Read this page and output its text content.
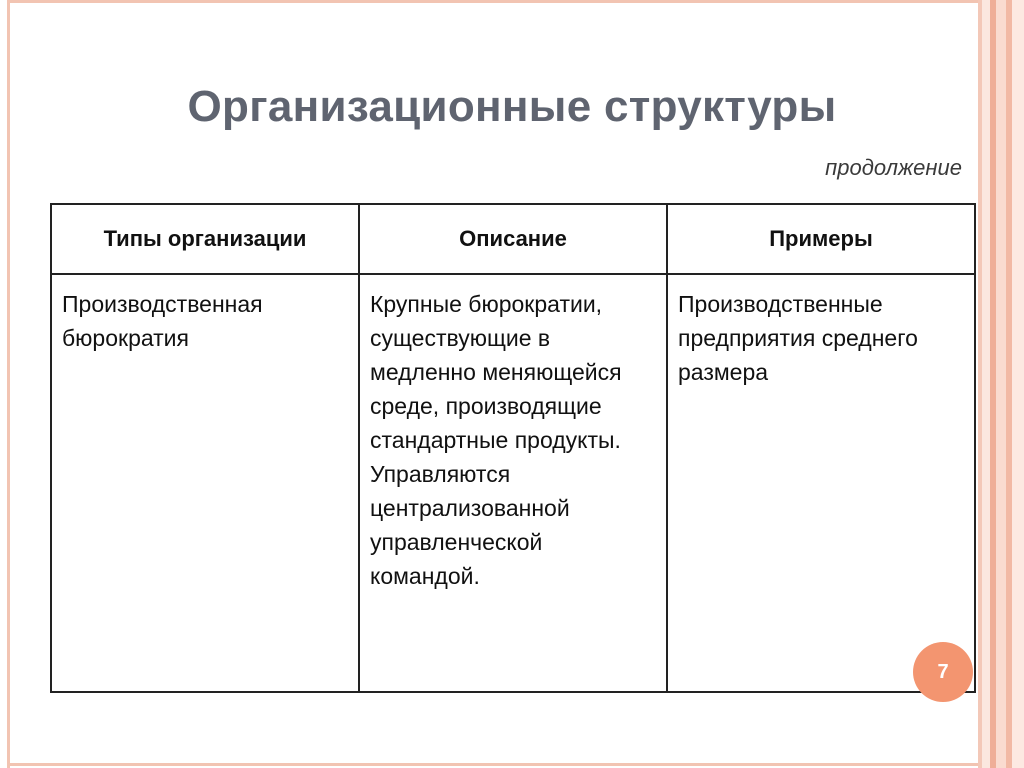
Организационные структуры
продолжение
Типы организации	Описание	Примеры
Производственная бюрократия	Крупные бюрократии, существующие в медленно меняющейся среде, производящие стандартные продукты. Управляются централизованной управленческой командой.	Производственные предприятия среднего размера
7
